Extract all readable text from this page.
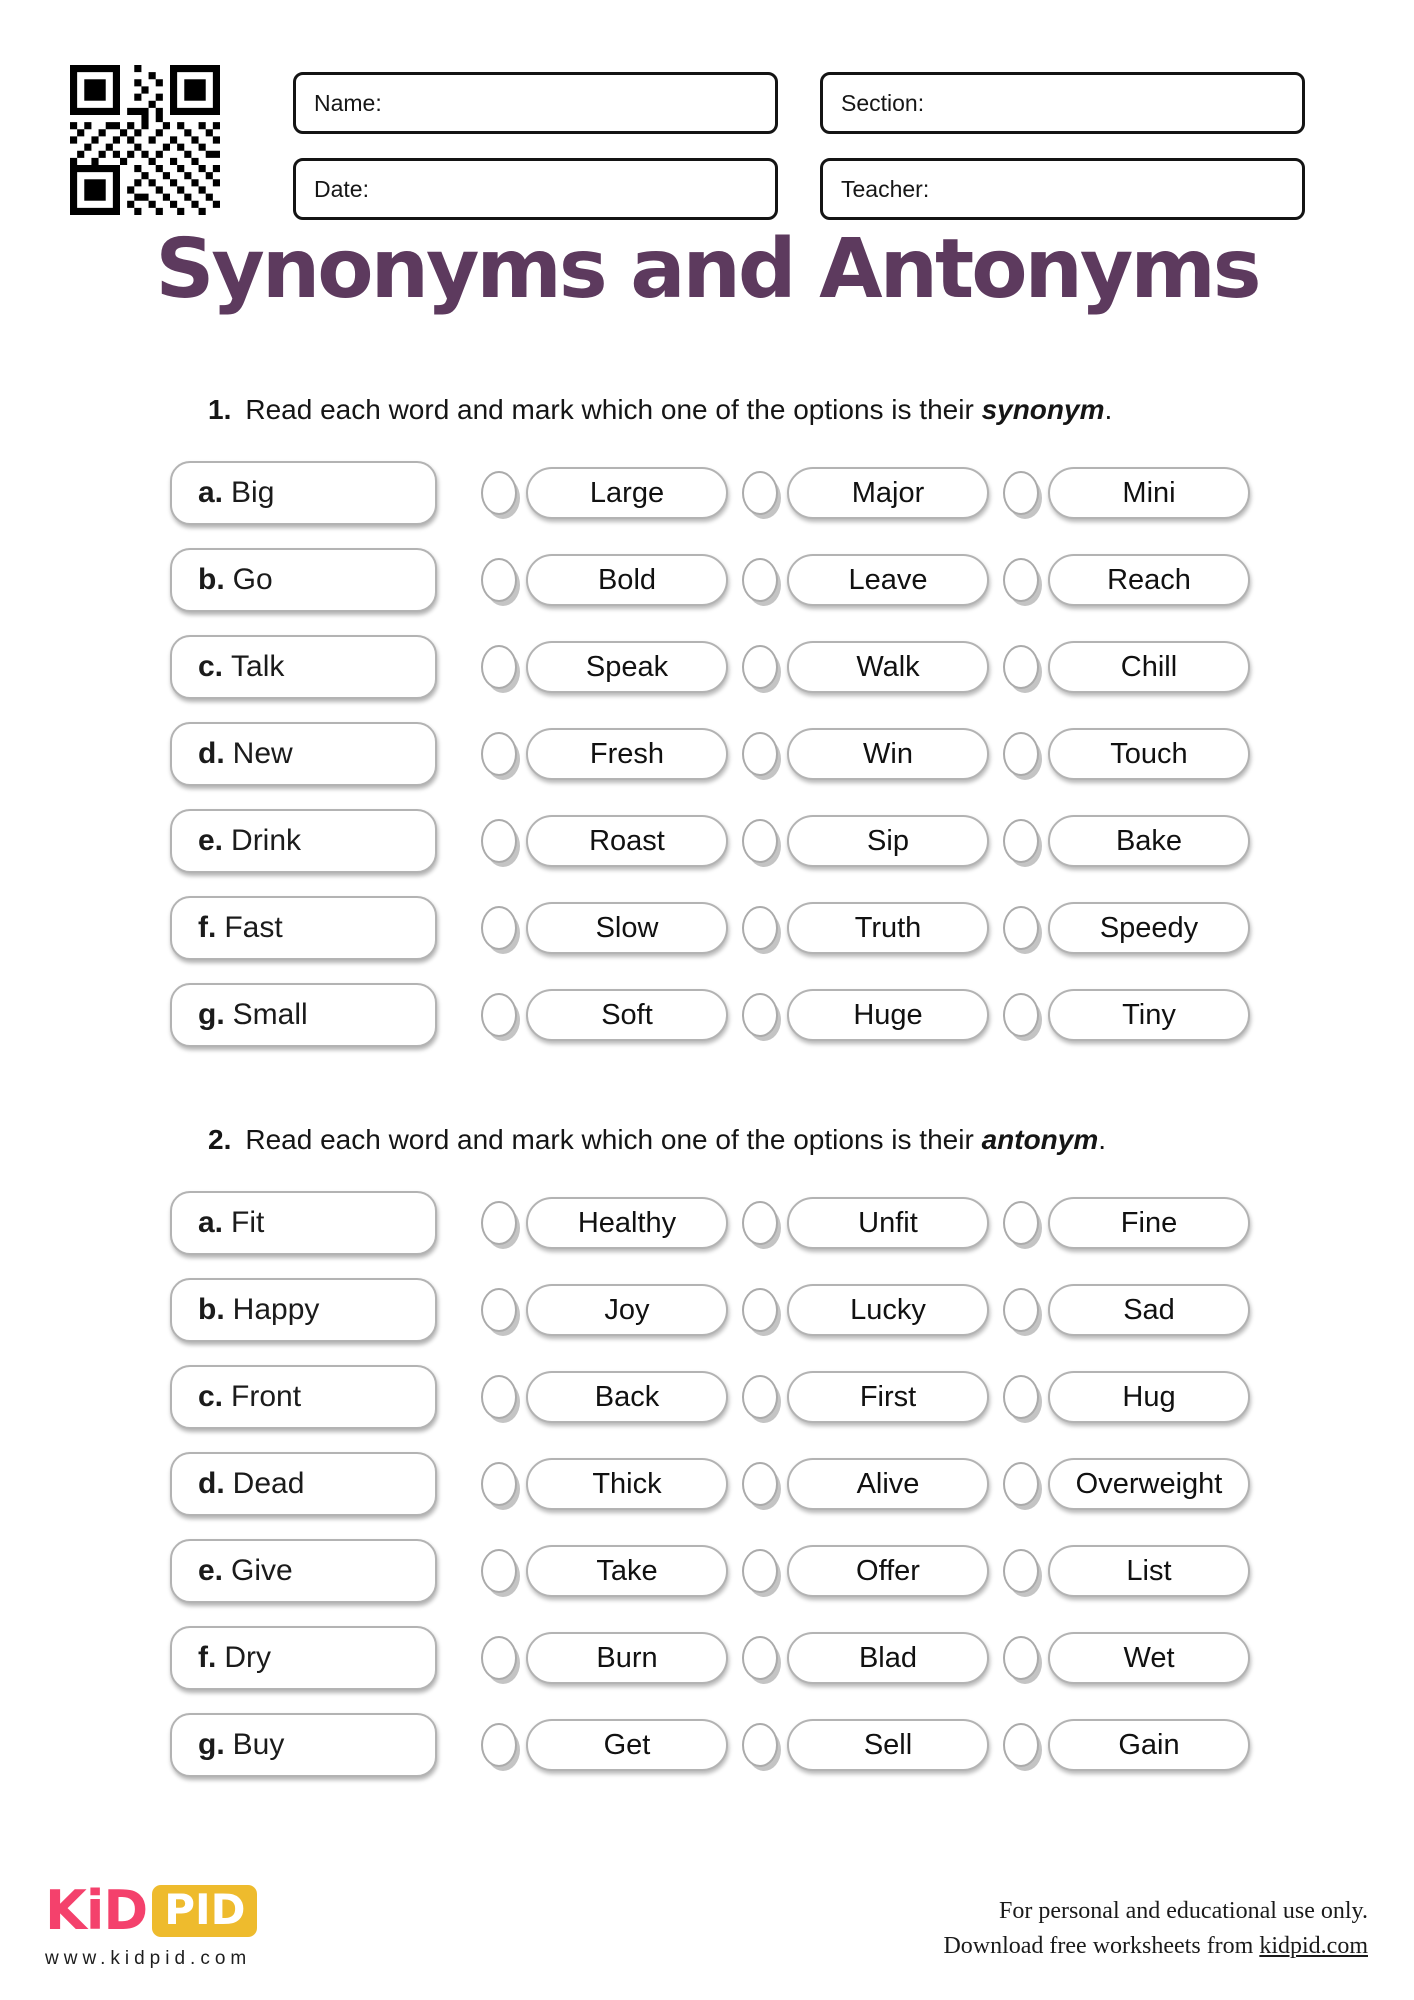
Name:	Section:
Date:	Teacher:
Synonyms and Antonyms
1. Read each word and mark which one of the options is their synonym.
a. Big	Large	Major	Mini
b. Go	Bold	Leave	Reach
c. Talk	Speak	Walk	Chill
d. New	Fresh	Win	Touch
e. Drink	Roast	Sip	Bake
f. Fast	Slow	Truth	Speedy
g. Small	Soft	Huge	Tiny
2. Read each word and mark which one of the options is their antonym.
a. Fit	Healthy	Unfit	Fine
b. Happy	Joy	Lucky	Sad
c. Front	Back	First	Hug
d. Dead	Thick	Alive	Overweight
e. Give	Take	Offer	List
f. Dry	Burn	Blad	Wet
g. Buy	Get	Sell	Gain
KiD PID
www.kidpid.com
For personal and educational use only.
Download free worksheets from kidpid.com
